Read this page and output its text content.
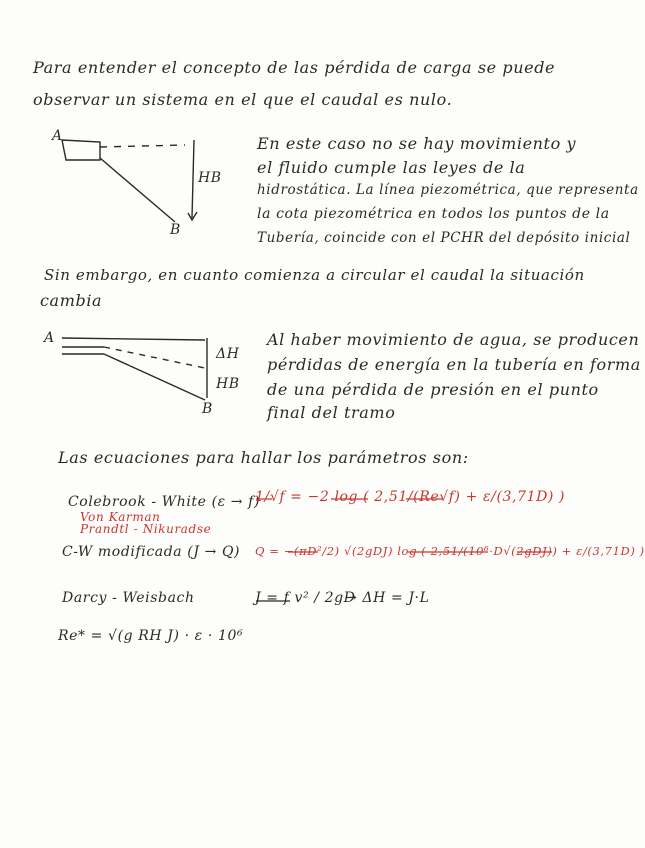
Para entender el concepto de las pérdida de carga se puede
observar un sistema en el que el caudal es nulo.
A
HB
B
En este caso no se hay movimiento y
el fluido cumple las leyes de la
hidrostática. La línea piezométrica, que representa
la cota piezométrica en todos los puntos de la
Tubería, coincide con el PCHR del depósito inicial
Sin embargo, en cuanto comienza a circular el caudal la situación
cambia
A
ΔH
HB
B
Al haber movimiento de agua, se producen
pérdidas de energía en la tubería en forma
de una pérdida de presión en el punto
final del tramo
Las ecuaciones para hallar los parámetros son:
Colebrook - White (ε → f)
Von Karman
Prandtl - Nikuradse
1/√f = −2 log ( 2,51/(Re√f) + ε/(3,71D) )
C-W modificada (J → Q) Q = −(πD²/2) √(2gDJ) log ( 2,51/(10⁶·D√(2gDJ)) + ε/(3,71D) )
Darcy - Weisbach	J = f v² / 2gD
→ ΔH = J·L
Re* = √(g RH J) · ε · 10⁶
